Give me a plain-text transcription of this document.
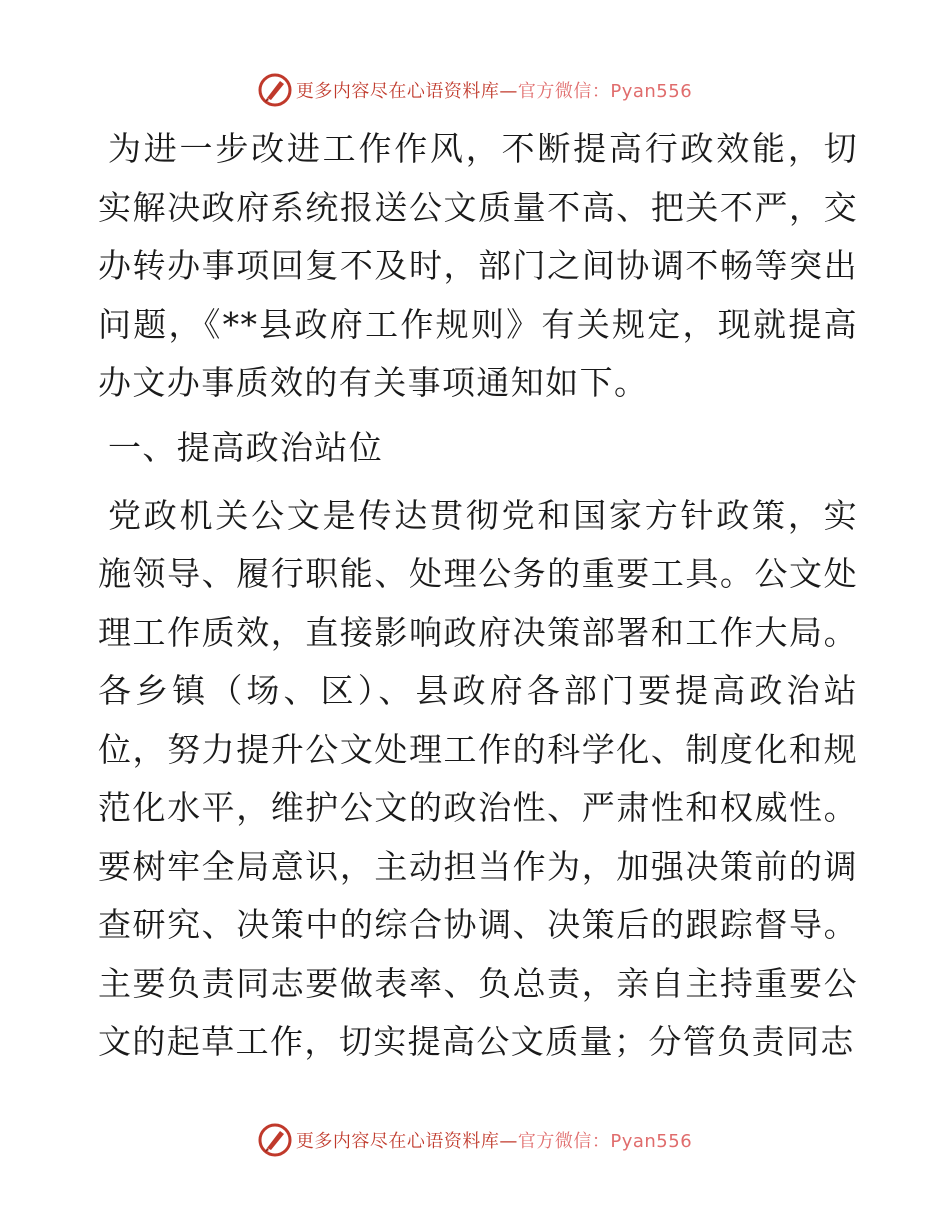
更多内容尽在心语资料库—官方微信：Pyan556

为进一步改进工作作风，不断提高行政效能，切实解决政府系统报送公文质量不高、把关不严，交办转办事项回复不及时，部门之间协调不畅等突出问题，《**县政府工作规则》有关规定，现就提高办文办事质效的有关事项通知如下。

一、提高政治站位

党政机关公文是传达贯彻党和国家方针政策，实施领导、履行职能、处理公务的重要工具。公文处理工作质效，直接影响政府决策部署和工作大局。各乡镇（场、区）、县政府各部门要提高政治站位，努力提升公文处理工作的科学化、制度化和规范化水平，维护公文的政治性、严肃性和权威性。要树牢全局意识，主动担当作为，加强决策前的调查研究、决策中的综合协调、决策后的跟踪督导。主要负责同志要做表率、负总责，亲自主持重要公文的起草工作，切实提高公文质量；分管负责同志

更多内容尽在心语资料库—官方微信：Pyan556
